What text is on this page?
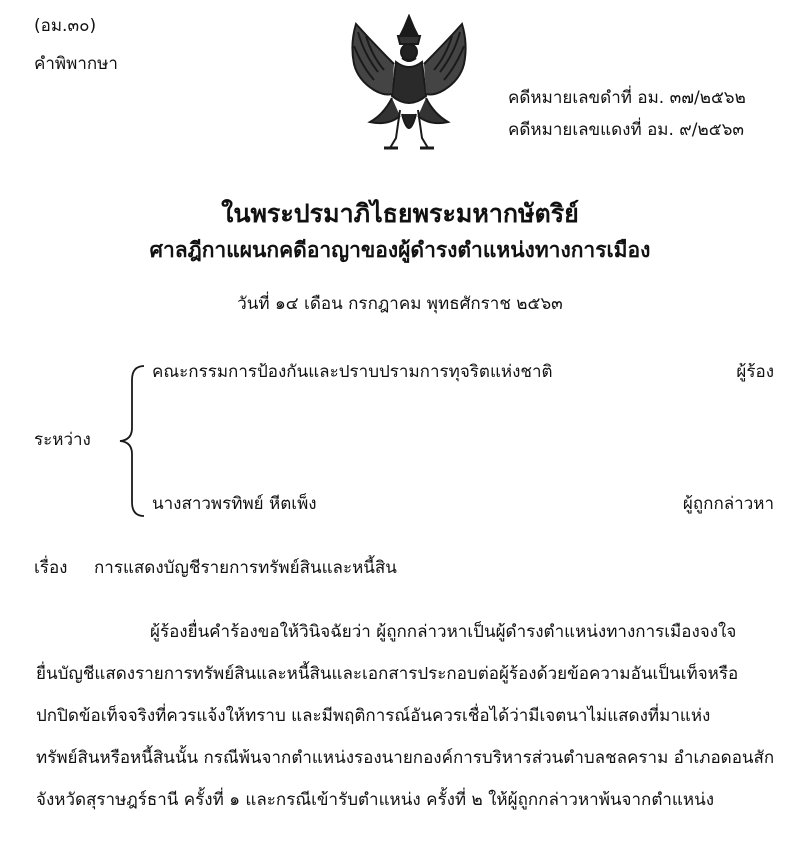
(อม.๓๐)
คำพิพากษา
คดีหมายเลขดำที่ อม. ๓๗/๒๕๖๒
คดีหมายเลขแดงที่ อม. ๙/๒๕๖๓
ในพระปรมาภิไธยพระมหากษัตริย์
ศาลฎีกาแผนกคดีอาญาของผู้ดำรงตำแหน่งทางการเมือง
วันที่ ๑๔ เดือน กรกฎาคม พุทธศักราช ๒๕๖๓
คณะกรรมการป้องกันและปราบปรามการทุจริตแห่งชาติ	ผู้ร้อง
ระหว่าง
นางสาวพรทิพย์ หีตเพ็ง	ผู้ถูกกล่าวหา
เรื่อง การแสดงบัญชีรายการทรัพย์สินและหนี้สิน
ผู้ร้องยื่นคำร้องขอให้วินิจฉัยว่า ผู้ถูกกล่าวหาเป็นผู้ดำรงตำแหน่งทางการเมืองจงใจ
ยื่นบัญชีแสดงรายการทรัพย์สินและหนี้สินและเอกสารประกอบต่อผู้ร้องด้วยข้อความอันเป็นเท็จหรือ
ปกปิดข้อเท็จจริงที่ควรแจ้งให้ทราบ และมีพฤติการณ์อันควรเชื่อได้ว่ามีเจตนาไม่แสดงที่มาแห่ง
ทรัพย์สินหรือหนี้สินนั้น กรณีพ้นจากตำแหน่งรองนายกองค์การบริหารส่วนตำบลชลคราม อำเภอดอนสัก
จังหวัดสุราษฎร์ธานี ครั้งที่ ๑ และกรณีเข้ารับตำแหน่ง ครั้งที่ ๒ ให้ผู้ถูกกล่าวหาพ้นจากตำแหน่ง
